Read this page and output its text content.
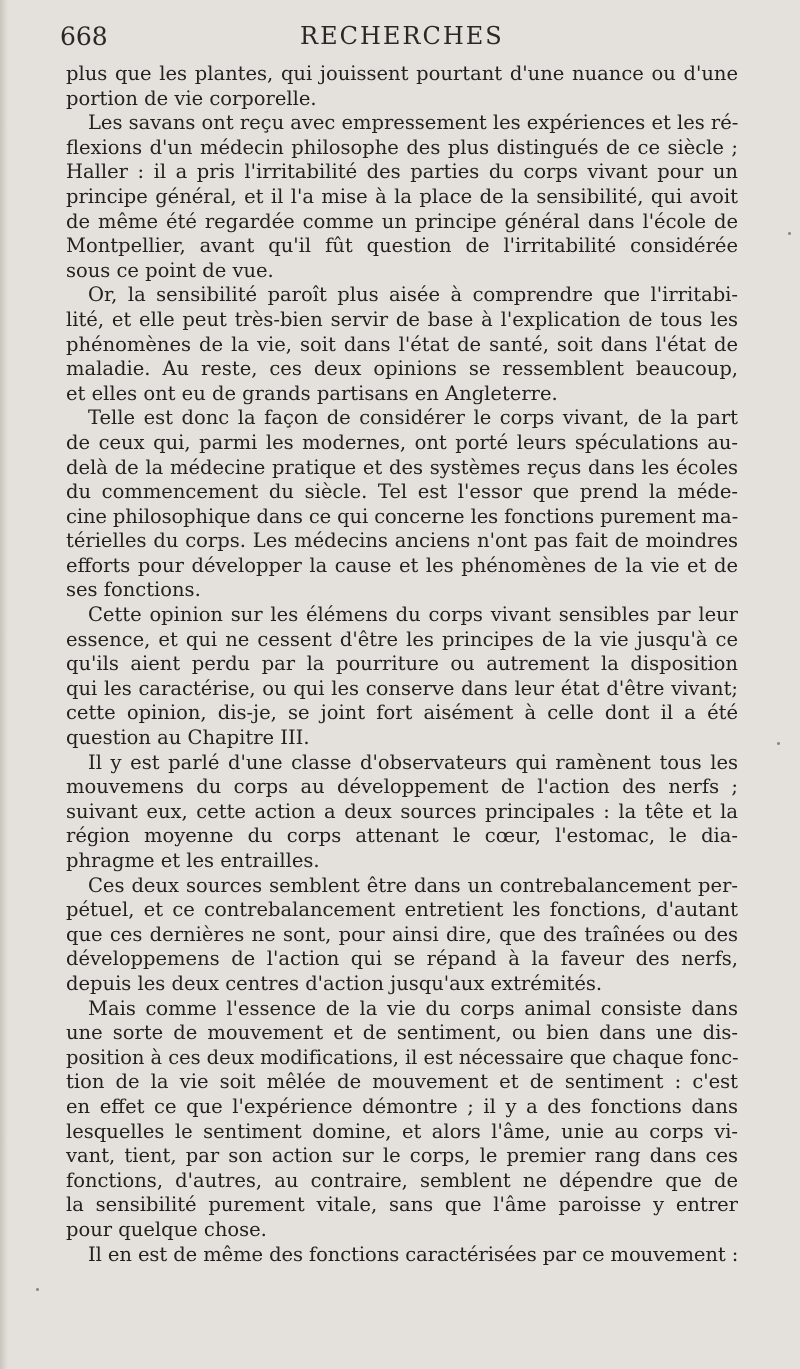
668	RECHERCHES
plus que les plantes, qui jouissent pourtant d'une nuance ou d'une
portion de vie corporelle.
Les savans ont reçu avec empressement les expériences et les ré-
flexions d'un médecin philosophe des plus distingués de ce siècle ;
Haller : il a pris l'irritabilité des parties du corps vivant pour un
principe général, et il l'a mise à la place de la sensibilité, qui avoit
de même été regardée comme un principe général dans l'école de
Montpellier, avant qu'il fût question de l'irritabilité considérée
sous ce point de vue.
Or, la sensibilité paroît plus aisée à comprendre que l'irritabi-
lité, et elle peut très-bien servir de base à l'explication de tous les
phénomènes de la vie, soit dans l'état de santé, soit dans l'état de
maladie. Au reste, ces deux opinions se ressemblent beaucoup,
et elles ont eu de grands partisans en Angleterre.
Telle est donc la façon de considérer le corps vivant, de la part
de ceux qui, parmi les modernes, ont porté leurs spéculations au-
delà de la médecine pratique et des systèmes reçus dans les écoles
du commencement du siècle. Tel est l'essor que prend la méde-
cine philosophique dans ce qui concerne les fonctions purement ma-
térielles du corps. Les médecins anciens n'ont pas fait de moindres
efforts pour développer la cause et les phénomènes de la vie et de
ses fonctions.
Cette opinion sur les élémens du corps vivant sensibles par leur
essence, et qui ne cessent d'être les principes de la vie jusqu'à ce
qu'ils aient perdu par la pourriture ou autrement la disposition
qui les caractérise, ou qui les conserve dans leur état d'être vivant;
cette opinion, dis-je, se joint fort aisément à celle dont il a été
question au Chapitre III.
Il y est parlé d'une classe d'observateurs qui ramènent tous les
mouvemens du corps au développement de l'action des nerfs ;
suivant eux, cette action a deux sources principales : la tête et la
région moyenne du corps attenant le cœur, l'estomac, le dia-
phragme et les entrailles.
Ces deux sources semblent être dans un contrebalancement per-
pétuel, et ce contrebalancement entretient les fonctions, d'autant
que ces dernières ne sont, pour ainsi dire, que des traînées ou des
développemens de l'action qui se répand à la faveur des nerfs,
depuis les deux centres d'action jusqu'aux extrémités.
Mais comme l'essence de la vie du corps animal consiste dans
une sorte de mouvement et de sentiment, ou bien dans une dis-
position à ces deux modifications, il est nécessaire que chaque fonc-
tion de la vie soit mêlée de mouvement et de sentiment : c'est
en effet ce que l'expérience démontre ; il y a des fonctions dans
lesquelles le sentiment domine, et alors l'âme, unie au corps vi-
vant, tient, par son action sur le corps, le premier rang dans ces
fonctions, d'autres, au contraire, semblent ne dépendre que de
la sensibilité purement vitale, sans que l'âme paroisse y entrer
pour quelque chose.
Il en est de même des fonctions caractérisées par ce mouvement :
